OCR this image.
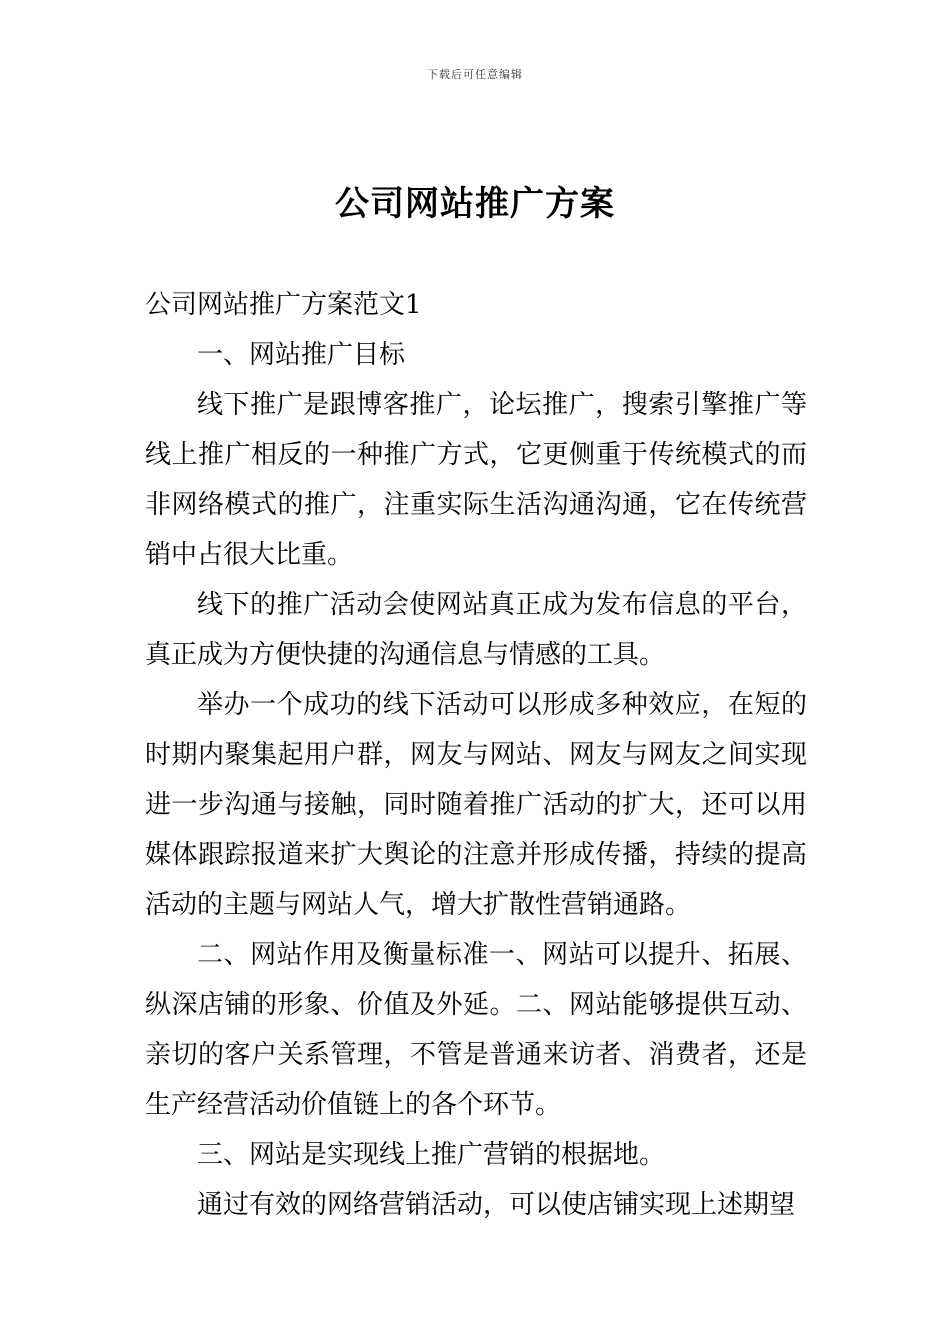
下载后可任意编辑
公司网站推广方案

公司网站推广方案范文1

一、网站推广目标

线下推广是跟博客推广，论坛推广，搜索引擎推广等线上推广相反的一种推广方式，它更侧重于传统模式的而非网络模式的推广，注重实际生活沟通沟通，它在传统营销中占很大比重。

线下的推广活动会使网站真正成为发布信息的平台，真正成为方便快捷的沟通信息与情感的工具。

举办一个成功的线下活动可以形成多种效应，在短的时期内聚集起用户群，网友与网站、网友与网友之间实现进一步沟通与接触，同时随着推广活动的扩大，还可以用媒体跟踪报道来扩大舆论的注意并形成传播，持续的提高活动的主题与网站人气，增大扩散性营销通路。

二、网站作用及衡量标准一、网站可以提升、拓展、纵深店铺的形象、价值及外延。二、网站能够提供互动、亲切的客户关系管理，不管是普通来访者、消费者，还是生产经营活动价值链上的各个环节。

三、网站是实现线上推广营销的根据地。

通过有效的网络营销活动，可以使店铺实现上述期望
